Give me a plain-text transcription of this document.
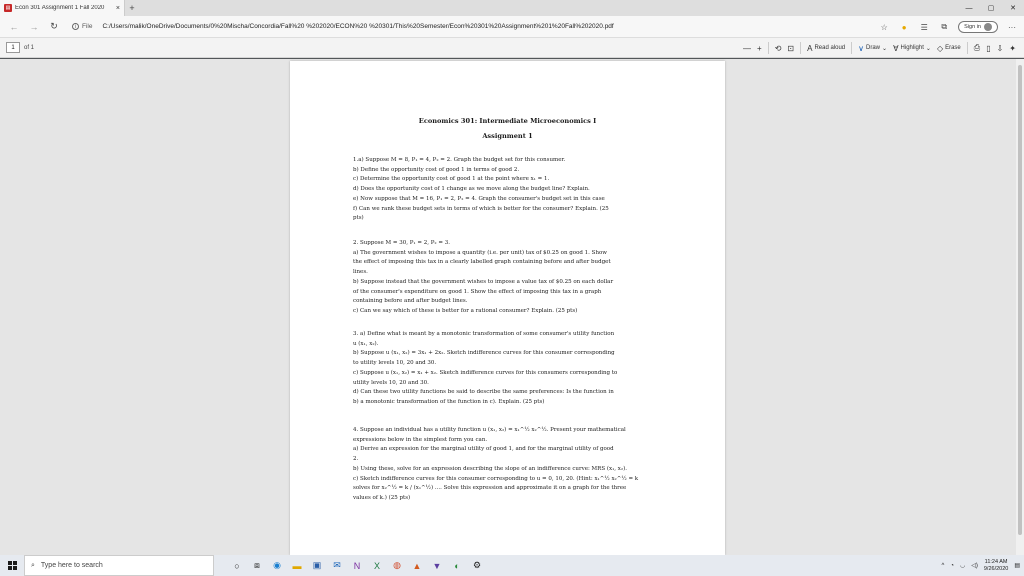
▤ Econ 301 Assignment 1 Fall 2020	×	+	—	▢	✕
←	→	↻	i File C:/Users/malik/OneDrive/Documents/0%20Mischa/Concordia/Fall%20 %202020/ECON%20 %20301/This%20Semester/Econ%20301%20Assignment%201%20Fall%202020.pdf	☆	●	☰	⧉	Sign in	···
1	of 1	— + ⟲ ⊡ A Read aloud ∨ Draw ⌄ ∀ Highlight ⌄ ◇ Erase ⎙ ▯ ⇩ ✦
Economics 301: Intermediate Microeconomics I
Assignment 1

1.a) Suppose M = 8, P₁ = 4, P₂ = 2. Graph the budget set for this consumer.

b) Define the opportunity cost of good 1 in terms of good 2.

c) Determine the opportunity cost of good 1 at the point where x₁ = 1.

d) Does the opportunity cost of 1 change as we move along the budget line? Explain.

e) Now suppose that M = 16, P₁ = 2, P₂ = 4. Graph the consumer's budget set in this case

f) Can we rank these budget sets in terms of which is better for the consumer? Explain. (25

pts)

2. Suppose M = 30, P₁ = 2, P₂ = 3.

a) The government wishes to impose a quantity (i.e. per unit) tax of $0.25 on good 1. Show

the effect of imposing this tax in a clearly labelled graph containing before and after budget

lines.

b) Suppose instead that the government wishes to impose a value tax of $0.25 on each dollar

of the consumer's expenditure on good 1. Show the effect of imposing this tax in a graph

containing before and after budget lines.

c) Can we say which of these is better for a rational consumer? Explain. (25 pts)

3. a) Define what is meant by a monotonic transformation of some consumer's utility function

u (x₁, x₂).

b) Suppose u (x₁, x₂) = 3x₁ + 2x₂. Sketch indifference curves for this consumer corresponding

to utility levels 10, 20 and 30.

c) Suppose u (x₁, x₂) = x₁ + x₂. Sketch indifference curves for this consumers corresponding to

utility levels 10, 20 and 30.

d) Can these two utility functions be said to describe the same preferences: Is the function in

b) a monotonic transformation of the function in c). Explain. (25 pts)

4. Suppose an individual has a utility function u (x₁, x₂) = x₁^½ x₂^½. Present your mathematical

expressions below in the simplest form you can.

a) Derive an expression for the marginal utility of good 1, and for the marginal utility of good

2.

b) Using these, solve for an expression describing the slope of an indifference curve: MRS (x₁, x₂).

c) Sketch indifference curves for this consumer corresponding to u = 0, 10, 20. (Hint: x₁^½ x₂^½ = k

solves for x₂^½ = k / (x₁^½) .... Solve this expression and approximate it on a graph for the three

values of k.) (25 pts)

⌕ Type here to search	○	⧈	◉	▬	▣	✉	N	X	◍	▲ ▼	◐	⚙	^ ◔ ◡ ◁)
11:24 AM
9/26/2020 ▤
